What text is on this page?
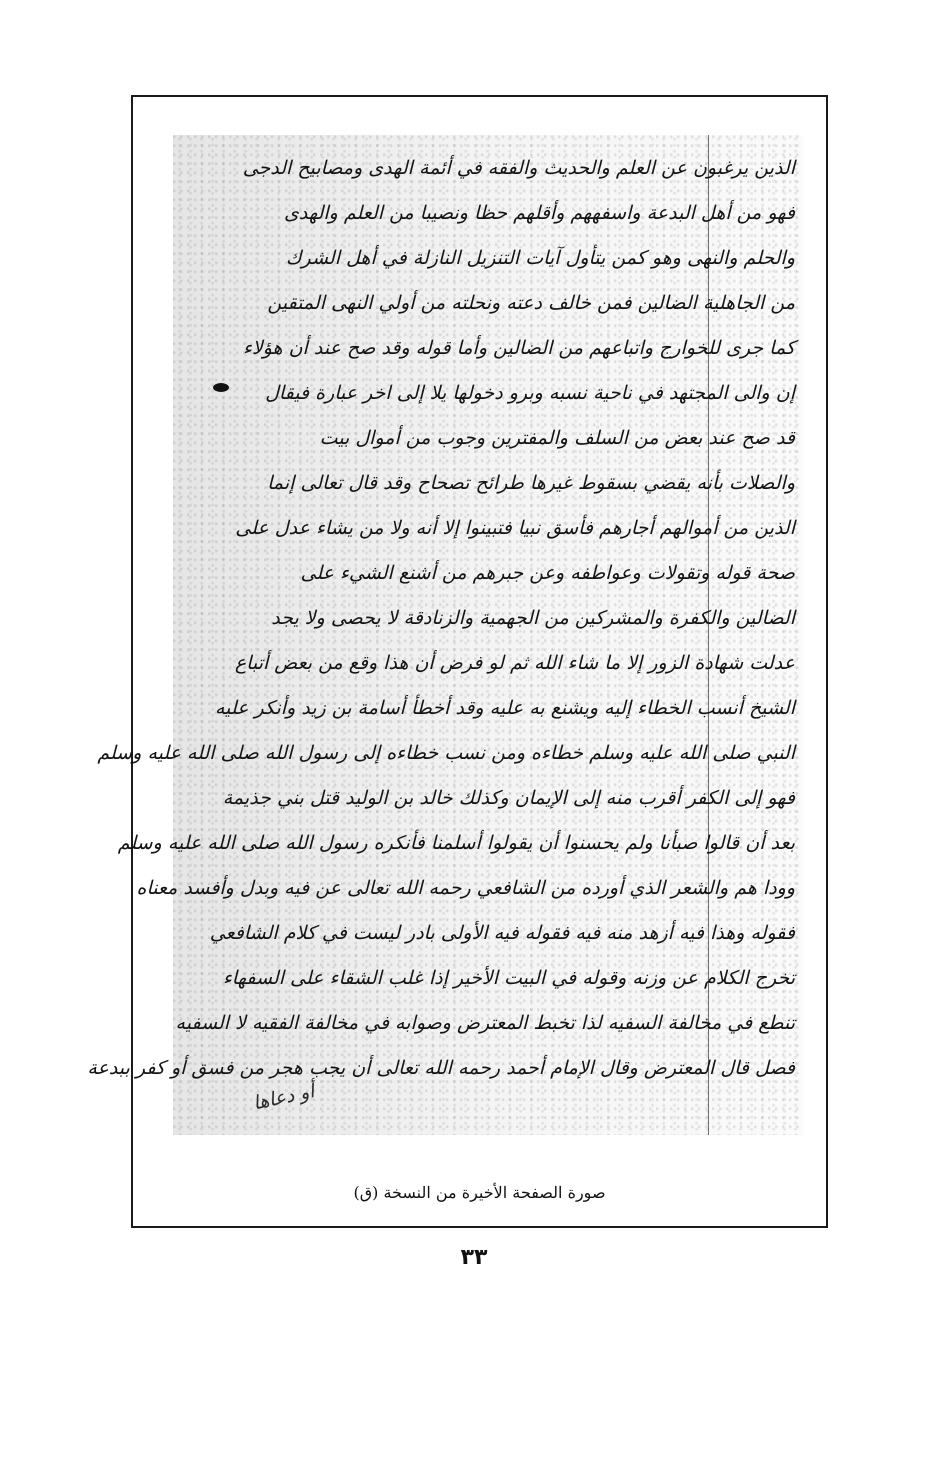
الذين يرغبون عن العلم والحديث والفقه في أئمة الهدى ومصابيح الدجى
فهو من أهل البدعة واسفههم وأقلهم حظا ونصيبا من العلم والهدى
والحلم والنهى وهو كمن يتأول آيات التنزيل النازلة في أهل الشرك
من الجاهلية الضالين فمن خالف دعته ونحلته من أولي النهى المتقين
كما جرى للخوارج واتباعهم من الضالين وأما قوله وقد صح عند أن هؤلاء
إن والى المجتهد في ناحية نسبه وبرو دخولها يلا إلى اخر عبارة فيقال
قد صح عند بعض من السلف والمفترين وجوب من أموال بيت
والصلات بأنه يقضي بسقوط غيرها طرائح تصحاح وقد قال تعالى إنما
الذين من أموالهم أجارهم فأسق نبيا فتبينوا إلا أنه ولا من يشاء عدل على
صحة قوله وتقولات وعواطفه وعن جبرهم من أشنع الشيء على
الضالين والكفرة والمشركين من الجهمية والزنادقة لا يحصى ولا يجد
عدلت شهادة الزور إلا ما شاء الله ثم لو فرض أن هذا وقع من بعض أتباع
الشيخ أنسب الخطاء إليه ويشنع به عليه وقد أخطأ أسامة بن زيد وأنكر عليه
النبي صلى الله عليه وسلم خطاءه ومن نسب خطاءه إلى رسول الله صلى الله عليه وسلم
فهو إلى الكفر أقرب منه إلى الإيمان وكذلك خالد بن الوليد قتل بني جذيمة
بعد أن قالوا صبأنا ولم يحسنوا أن يقولوا أسلمنا فأنكره رسول الله صلى الله عليه وسلم
وودا هم والشعر الذي أورده من الشافعي رحمه الله تعالى عن فيه وبدل وأفسد معناه
فقوله وهذا فيه أزهد منه فيه فقوله فيه الأولى بادر ليست في كلام الشافعي
تخرج الكلام عن وزنه وقوله في البيت الأخير إذا غلب الشقاء على السفهاء
تنطع في مخالفة السفيه لذا تخبط المعترض وصوابه في مخالفة الفقيه لا السفيه
فصل قال المعترض وقال الإمام أحمد رحمه الله تعالى أن يجب هجر من فسق أو كفر ببدعة
أو دعاها
صورة الصفحة الأخيرة من النسخة (ق)
٣٣
